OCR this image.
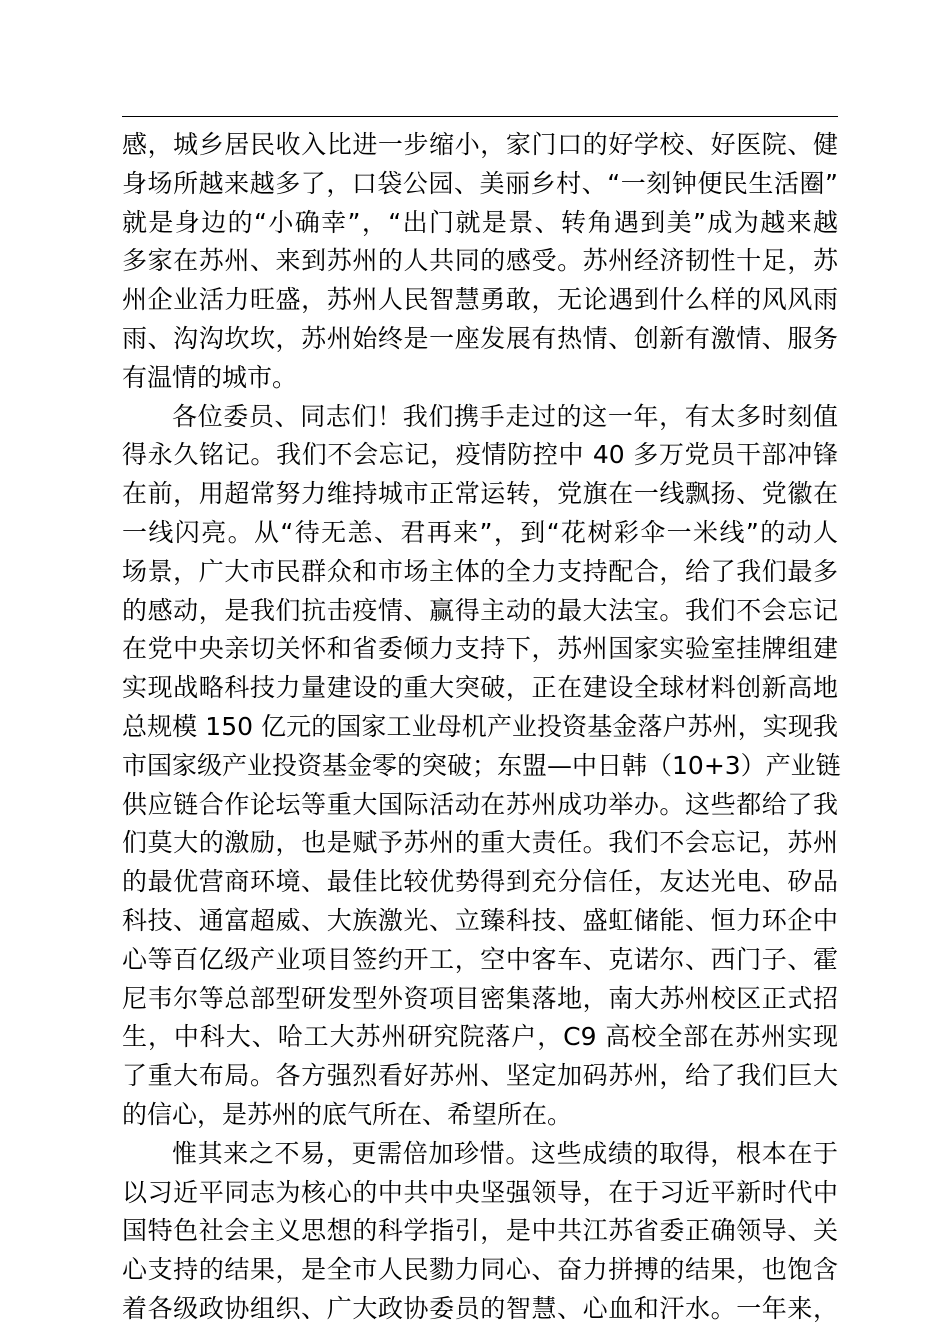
感，城乡居民收入比进一步缩小，家门口的好学校、好医院、健
身场所越来越多了，口袋公园、美丽乡村、“一刻钟便民生活圈”
就是身边的“小确幸”，“出门就是景、转角遇到美”成为越来越
多家在苏州、来到苏州的人共同的感受。苏州经济韧性十足，苏
州企业活力旺盛，苏州人民智慧勇敢，无论遇到什么样的风风雨
雨、沟沟坎坎，苏州始终是一座发展有热情、创新有激情、服务
有温情的城市。
各位委员、同志们！我们携手走过的这一年，有太多时刻值
得永久铭记。我们不会忘记，疫情防控中 40 多万党员干部冲锋
在前，用超常努力维持城市正常运转，党旗在一线飘扬、党徽在
一线闪亮。从“待无恙、君再来”，到“花树彩伞一米线”的动人
场景，广大市民群众和市场主体的全力支持配合，给了我们最多
的感动，是我们抗击疫情、赢得主动的最大法宝。我们不会忘记
在党中央亲切关怀和省委倾力支持下，苏州国家实验室挂牌组建
实现战略科技力量建设的重大突破，正在建设全球材料创新高地
总规模 150 亿元的国家工业母机产业投资基金落户苏州，实现我
市国家级产业投资基金零的突破；东盟—中日韩（10+3）产业链
供应链合作论坛等重大国际活动在苏州成功举办。这些都给了我
们莫大的激励，也是赋予苏州的重大责任。我们不会忘记，苏州
的最优营商环境、最佳比较优势得到充分信任，友达光电、矽品
科技、通富超威、大族激光、立臻科技、盛虹储能、恒力环企中
心等百亿级产业项目签约开工，空中客车、克诺尔、西门子、霍
尼韦尔等总部型研发型外资项目密集落地，南大苏州校区正式招
生，中科大、哈工大苏州研究院落户，C9 高校全部在苏州实现
了重大布局。各方强烈看好苏州、坚定加码苏州，给了我们巨大
的信心，是苏州的底气所在、希望所在。
惟其来之不易，更需倍加珍惜。这些成绩的取得，根本在于
以习近平同志为核心的中共中央坚强领导，在于习近平新时代中
国特色社会主义思想的科学指引，是中共江苏省委正确领导、关
心支持的结果，是全市人民勠力同心、奋力拼搏的结果，也饱含
着各级政协组织、广大政协委员的智慧、心血和汗水。一年来，
